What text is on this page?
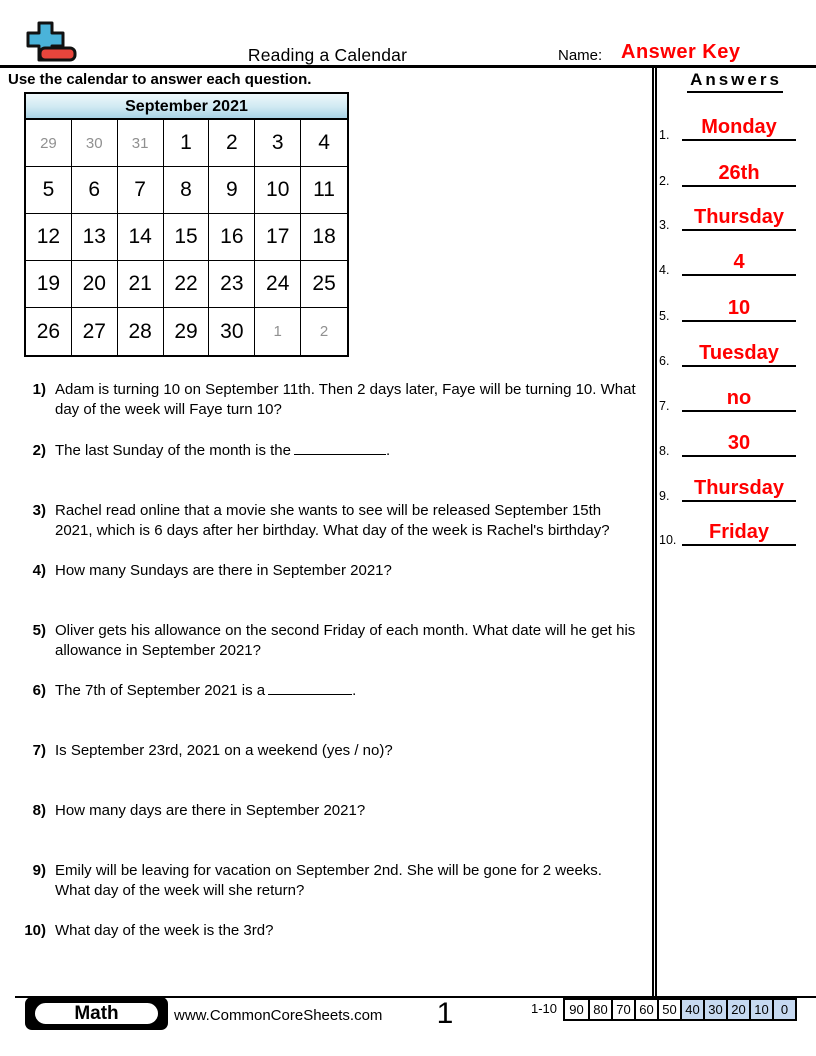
Reading a Calendar	Name: Answer Key
Use the calendar to answer each question.
September 2021
29	30	31	1	2	3	4
5	6	7	8	9	10	11
12	13	14	15	16	17	18
19	20	21	22	23	24	25
26	27	28	29	30	1	2
1) Adam is turning 10 on September 11th. Then 2 days later, Faye will be turning 10. What day of the week will Faye turn 10?
2) The last Sunday of the month is the	.
3) Rachel read online that a movie she wants to see will be released September 15th 2021, which is 6 days after her birthday. What day of the week is Rachel's birthday?
4) How many Sundays are there in September 2021?
5) Oliver gets his allowance on the second Friday of each month. What date will he get his allowance in September 2021?
6) The 7th of September 2021 is a	.
7) Is September 23rd, 2021 on a weekend (yes / no)?
8) How many days are there in September 2021?
9) Emily will be leaving for vacation on September 2nd. She will be gone for 2 weeks. What day of the week will she return?
10) What day of the week is the 3rd?
Answers
1.	Monday
2.	26th
3.	Thursday
4.	4
5.	10
6.	Tuesday
7.	no
8.	30
9.	Thursday
10.	Friday
Math	www.CommonCoreSheets.com	1	1-10 90 80 70 60 50 40 30 20 10 0
